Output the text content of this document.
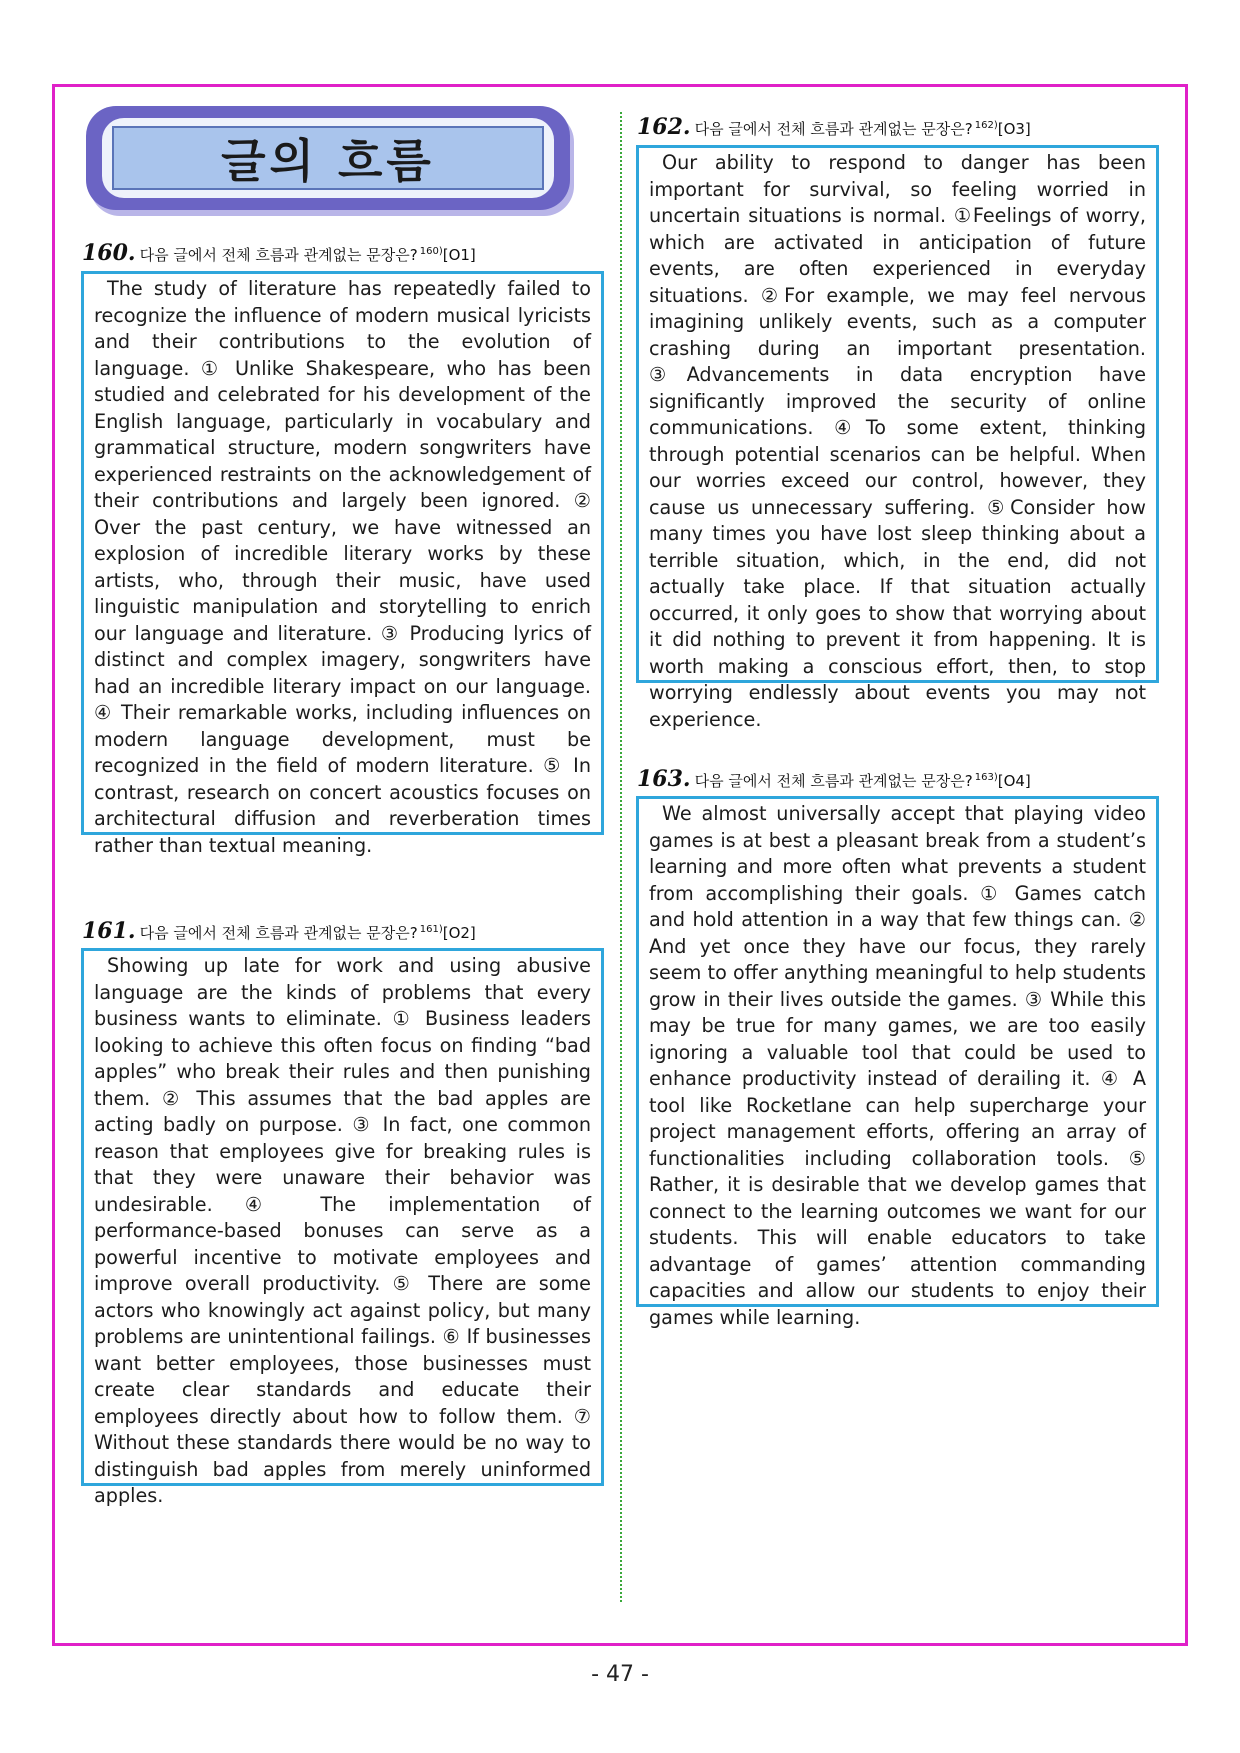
글의 흐름
160. 다음 글에서 전체 흐름과 관계없는 문장은? $^{160)}$[O1]

The study of literature has repeatedly failed to recognize the influence of modern musical lyricists and their contributions to the evolution of language. ① Unlike Shakespeare, who has been studied and celebrated for his development of the English language, particularly in vocabulary and grammatical structure, modern songwriters have experienced restraints on the acknowledgement of their contributions and largely been ignored. ② Over the past century, we have witnessed an explosion of incredible literary works by these artists, who, through their music, have used linguistic manipulation and storytelling to enrich our language and literature. ③ Producing lyrics of distinct and complex imagery, songwriters have had an incredible literary impact on our language. ④ Their remarkable works, including influences on modern language development, must be recognized in the field of modern literature. ⑤ In contrast, research on concert acoustics focuses on architectural diffusion and reverberation times rather than textual meaning.

161. 다음 글에서 전체 흐름과 관계없는 문장은? $^{161)}$[O2]

Showing up late for work and using abusive language are the kinds of problems that every business wants to eliminate. ① Business leaders looking to achieve this often focus on finding “bad apples” who break their rules and then punishing them. ② This assumes that the bad apples are acting badly on purpose. ③ In fact, one common reason that employees give for breaking rules is that they were unaware their behavior was undesirable. ④ The implementation of performance-based bonuses can serve as a powerful incentive to motivate employees and improve overall productivity. ⑤ There are some actors who knowingly act against policy, but many problems are unintentional failings. ⑥ If businesses want better employees, those businesses must create clear standards and educate their employees directly about how to follow them. ⑦ Without these standards there would be no way to distinguish bad apples from merely uninformed apples.

162. 다음 글에서 전체 흐름과 관계없는 문장은? $^{162)}$[O3]

Our ability to respond to danger has been important for survival, so feeling worried in uncertain situations is normal. ①Feelings of worry, which are activated in anticipation of future events, are often experienced in everyday situations. ②For example, we may feel nervous imagining unlikely events, such as a computer crashing during an important presentation. ③Advancements in data encryption have significantly improved the security of online communications. ④To some extent, thinking through potential scenarios can be helpful. When our worries exceed our control, however, they cause us unnecessary suffering. ⑤Consider how many times you have lost sleep thinking about a terrible situation, which, in the end, did not actually take place. If that situation actually occurred, it only goes to show that worrying about it did nothing to prevent it from happening. It is worth making a conscious effort, then, to stop worrying endlessly about events you may not experience.

163. 다음 글에서 전체 흐름과 관계없는 문장은? $^{163)}$[O4]

We almost universally accept that playing video games is at best a pleasant break from a student’s learning and more often what prevents a student from accomplishing their goals. ① Games catch and hold attention in a way that few things can. ② And yet once they have our focus, they rarely seem to offer anything meaningful to help students grow in their lives outside the games. ③ While this may be true for many games, we are too easily ignoring a valuable tool that could be used to enhance productivity instead of derailing it. ④ A tool like Rocketlane can help supercharge your project management efforts, offering an array of functionalities including collaboration tools. ⑤ Rather, it is desirable that we develop games that connect to the learning outcomes we want for our students. This will enable educators to take advantage of games’ attention commanding capacities and allow our students to enjoy their games while learning.

- 47 -
